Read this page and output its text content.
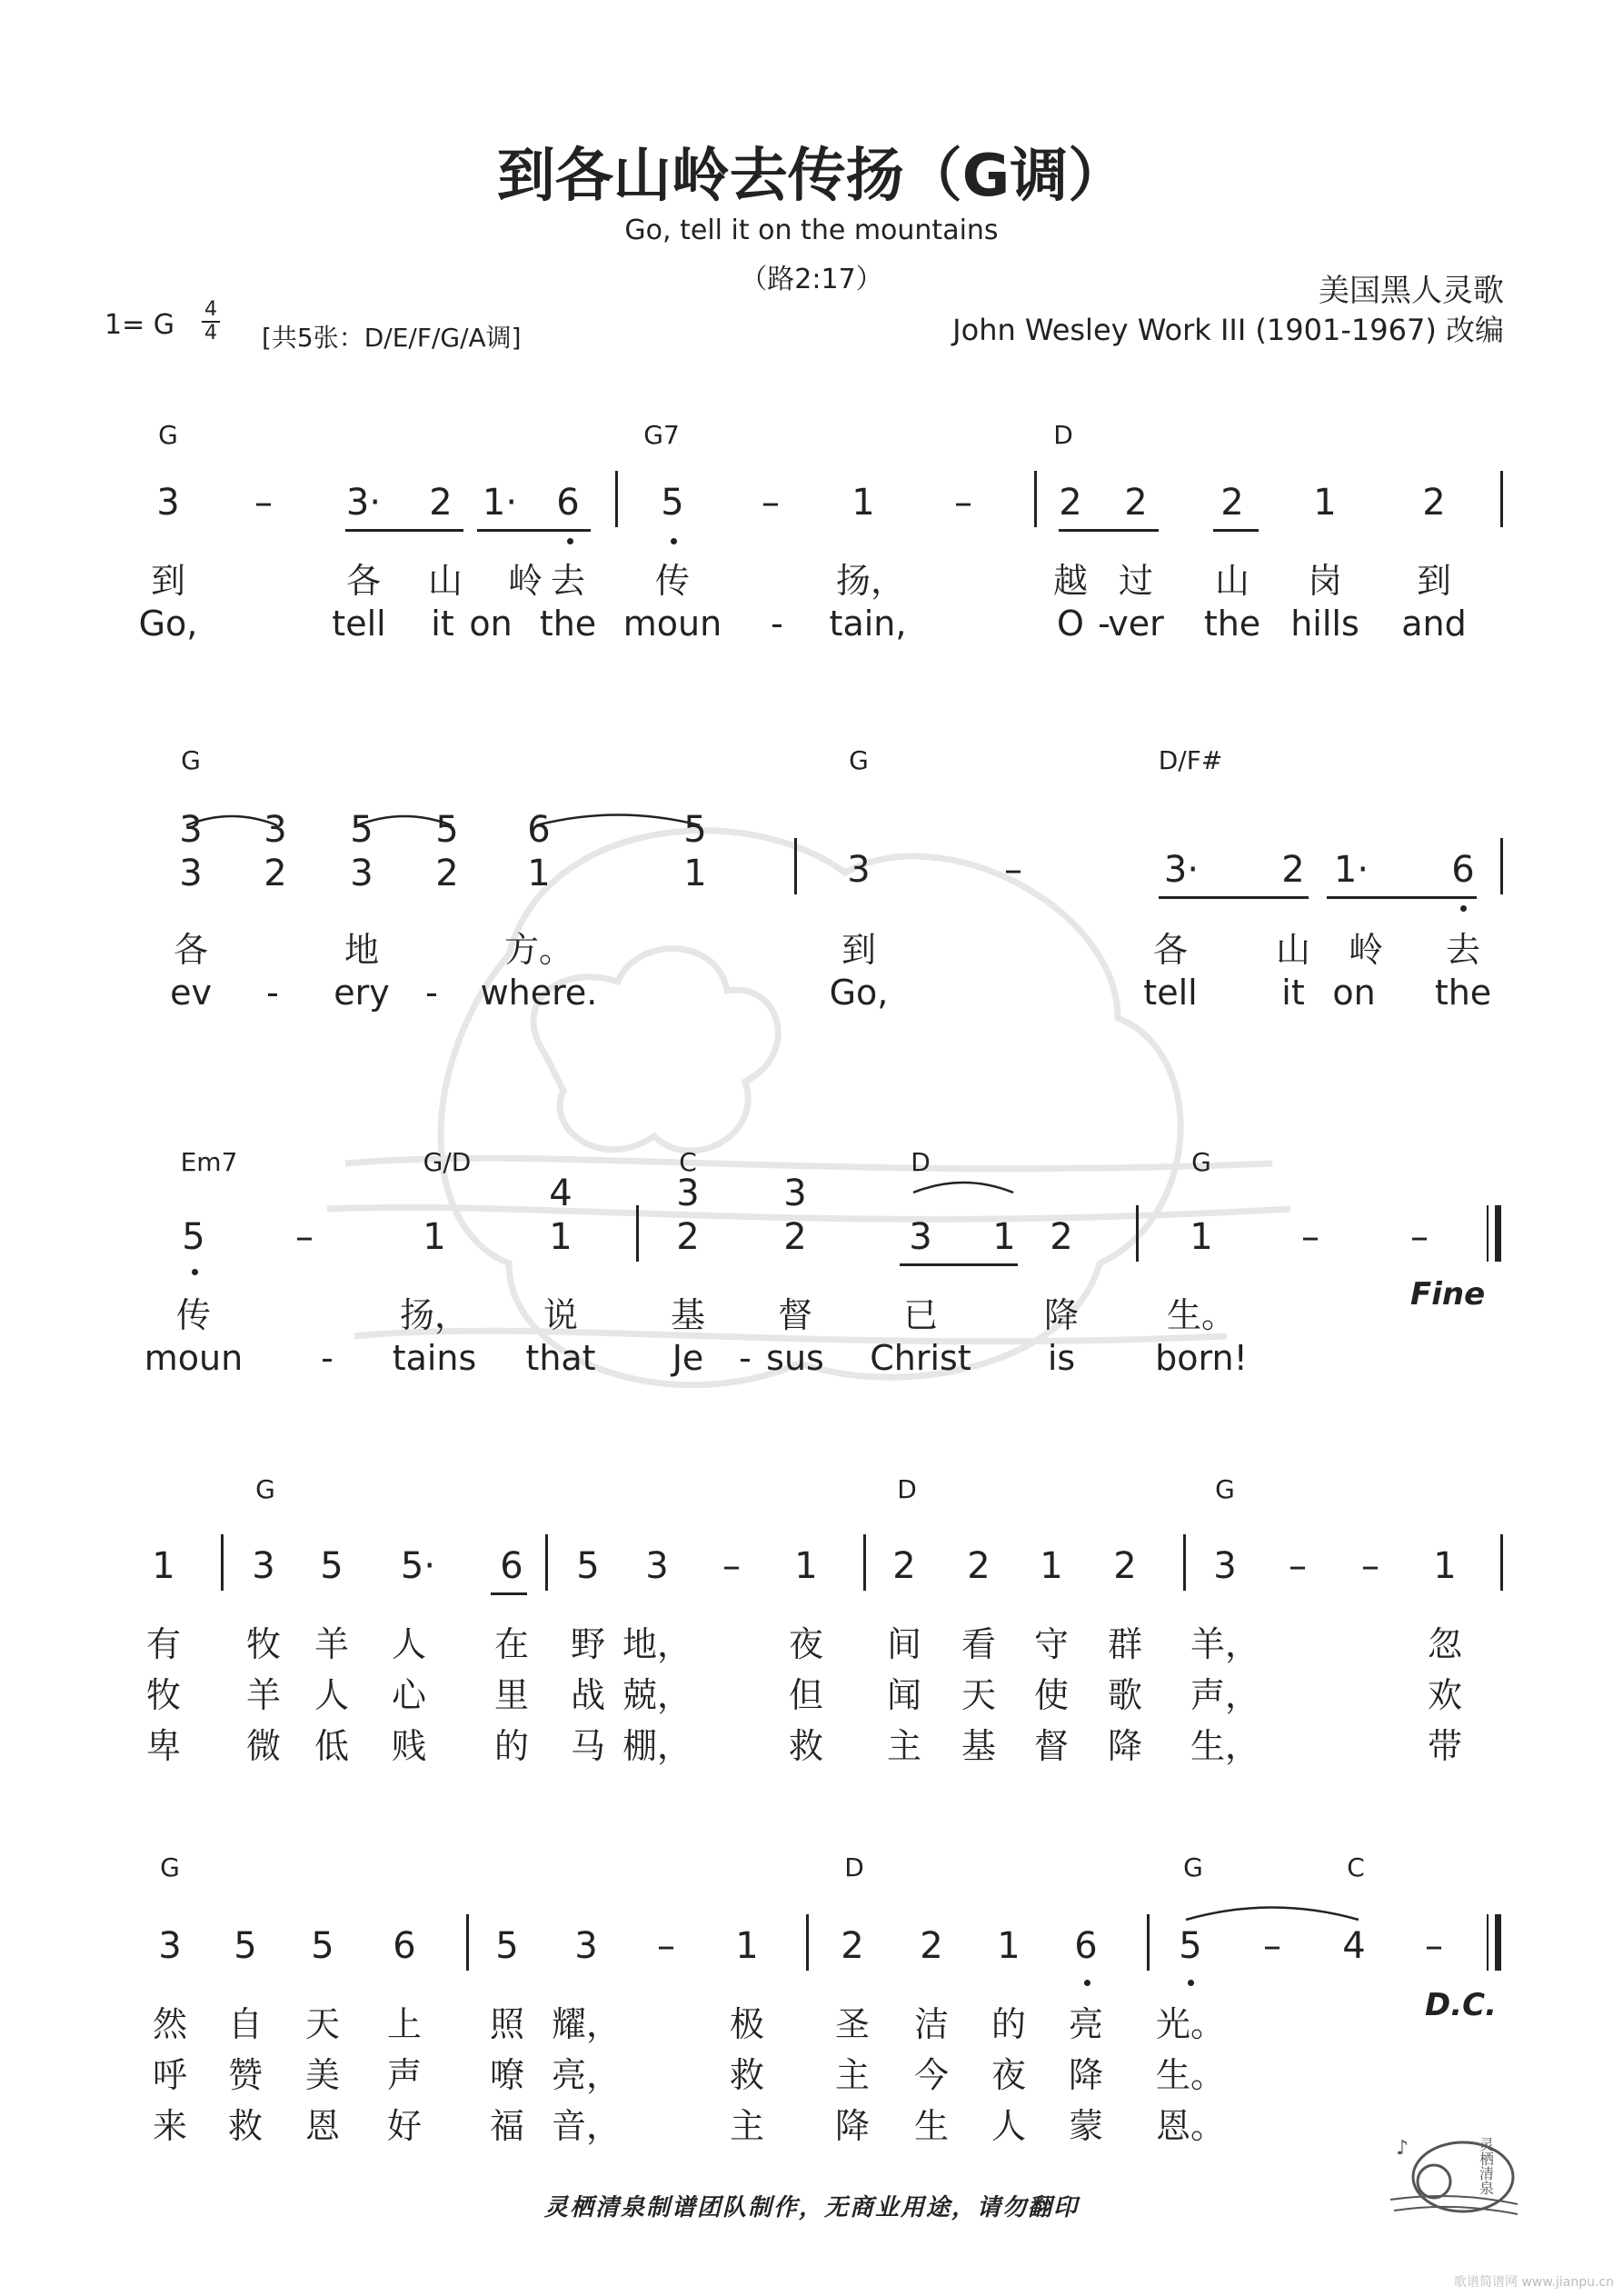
到各山岭去传扬（G调）
Go, tell it on the mountains
（路2:17）	美国黑人灵歌
John Wesley Work III (1901-1967) 改编
1= G 4
4 [共5张：D/E/F/G/A调]
G	G7	D
3 – 3· 2 1· 6 5 – 1 – 2 2 2 1 2
到	各 山 岭 去 传	扬，	越 过 山 岗 到
Go,	tell it on the moun - tain,	O -
ver the hills and
G	G	D/F#
3	–	3· 2 1· 6
3 3 5 5 6	5
3 2 3 2 1	1
各	地	方。	到	各	山 岭 去
ev - ery - where.	Go,	tell it on the
Em7	G/D	C	D	G
5 –	1	2 2	3 1 2	1 –	–
4	3 3
1
传	扬， 说	基 督	已	降	生。
moun - tains that Je - sus Christ is born!
G	D	G
1 3 5 5· 6 5 3 – 1 2 2 1 2 3 – – 1
有 牧 羊 人 在 野 地，	夜 间 看 守 群 羊，	忽
牧 羊 人 心 里 战 兢，	但 闻 天 使 歌 声，	欢
卑 微 低 贱 的 马 棚，	救 主 基 督 降 生，	带
G	D	G	C
3 5 5 6 5 3 – 1 2 2 1 6 5 – 4 –
然 自 天 上 照 耀，	极 圣 洁 的 亮 光。
呼 赞 美 声 嘹 亮，	救 主 今 夜 降 生。
来 救 恩 好 福 音，	主 降 生 人 蒙 恩。
Fine
D.C.
灵栖清泉制谱团队制作，无商业用途，请勿翻印
♪	灵栖清泉
歌谱简谱网 www.jianpu.cn
